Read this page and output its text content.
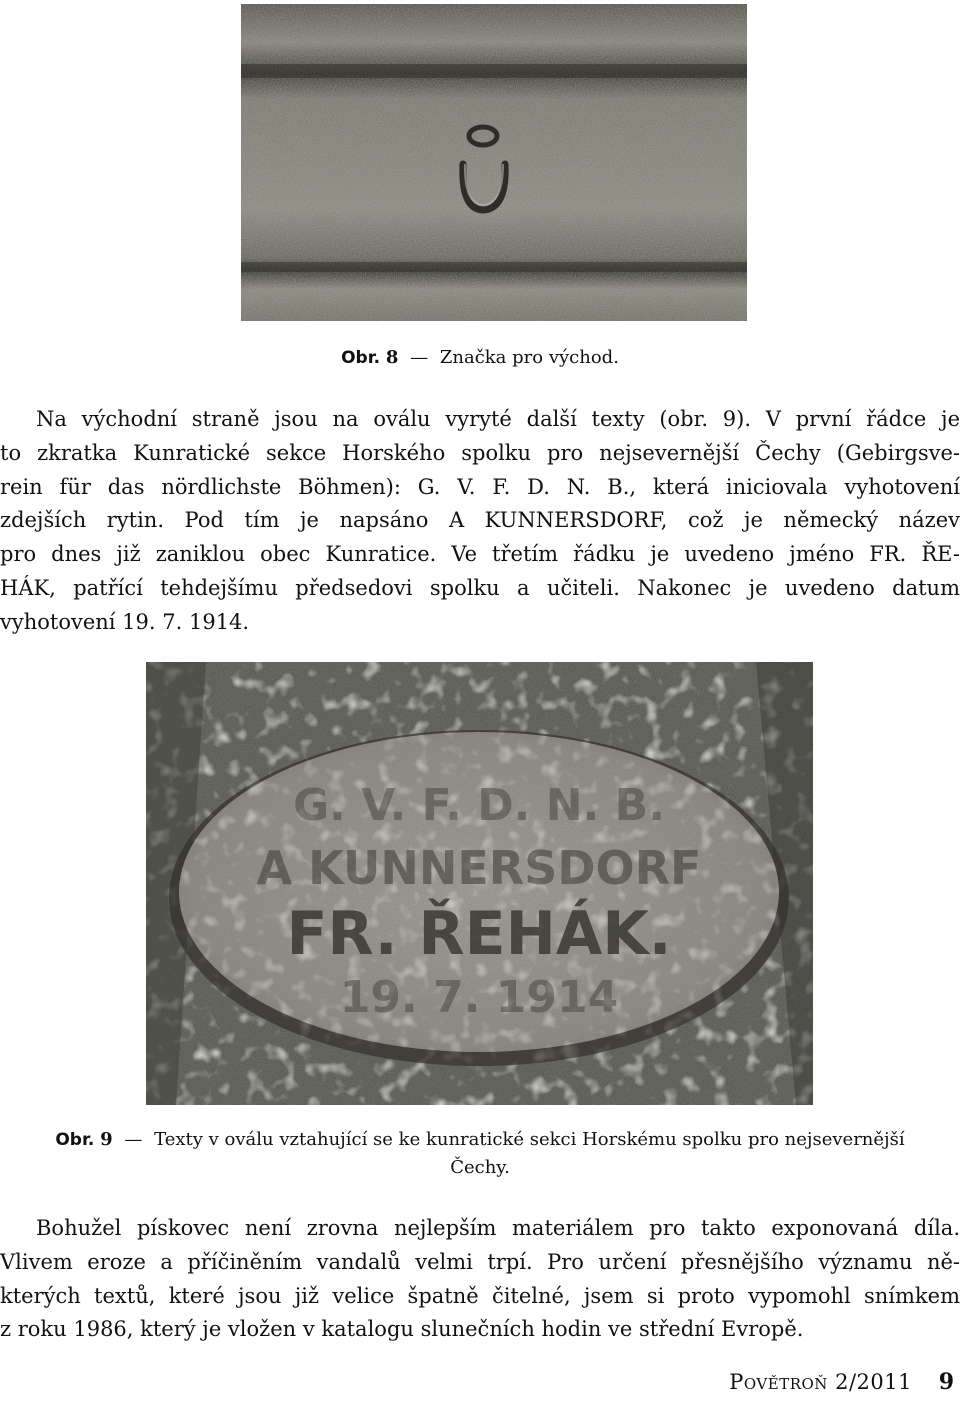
Obr. 8 — Značka pro východ.
Na východní straně jsou na oválu vyryté další texty (obr. 9). V první řádce je
to zkratka Kunratické sekce Horského spolku pro nejsevernější Čechy (Gebirgsve-
rein für das nördlichste Böhmen): G. V. F. D. N. B., která iniciovala vyhotovení
zdejších rytin. Pod tím je napsáno A KUNNERSDORF, což je německý název
pro dnes již zaniklou obec Kunratice. Ve třetím řádku je uvedeno jméno FR. ŘE-
HÁK, patřící tehdejšímu předsedovi spolku a učiteli. Nakonec je uvedeno datum
vyhotovení 19. 7. 1914.
G. V. F. D. N. B.
A KUNNERSDORF
FR. ŘEHÁK.
19. 7. 1914
Obr. 9 — Texty v oválu vztahující se ke kunratické sekci Horskému spolku pro nejsevernější
Čechy.
Bohužel pískovec není zrovna nejlepším materiálem pro takto exponovaná díla.
Vlivem eroze a příčiněním vandalů velmi trpí. Pro určení přesnějšího významu ně-
kterých textů, které jsou již velice špatně čitelné, jsem si proto vypomohl snímkem
z roku 1986, který je vložen v katalogu slunečních hodin ve střední Evropě.
Povětroň 2/2011 9
